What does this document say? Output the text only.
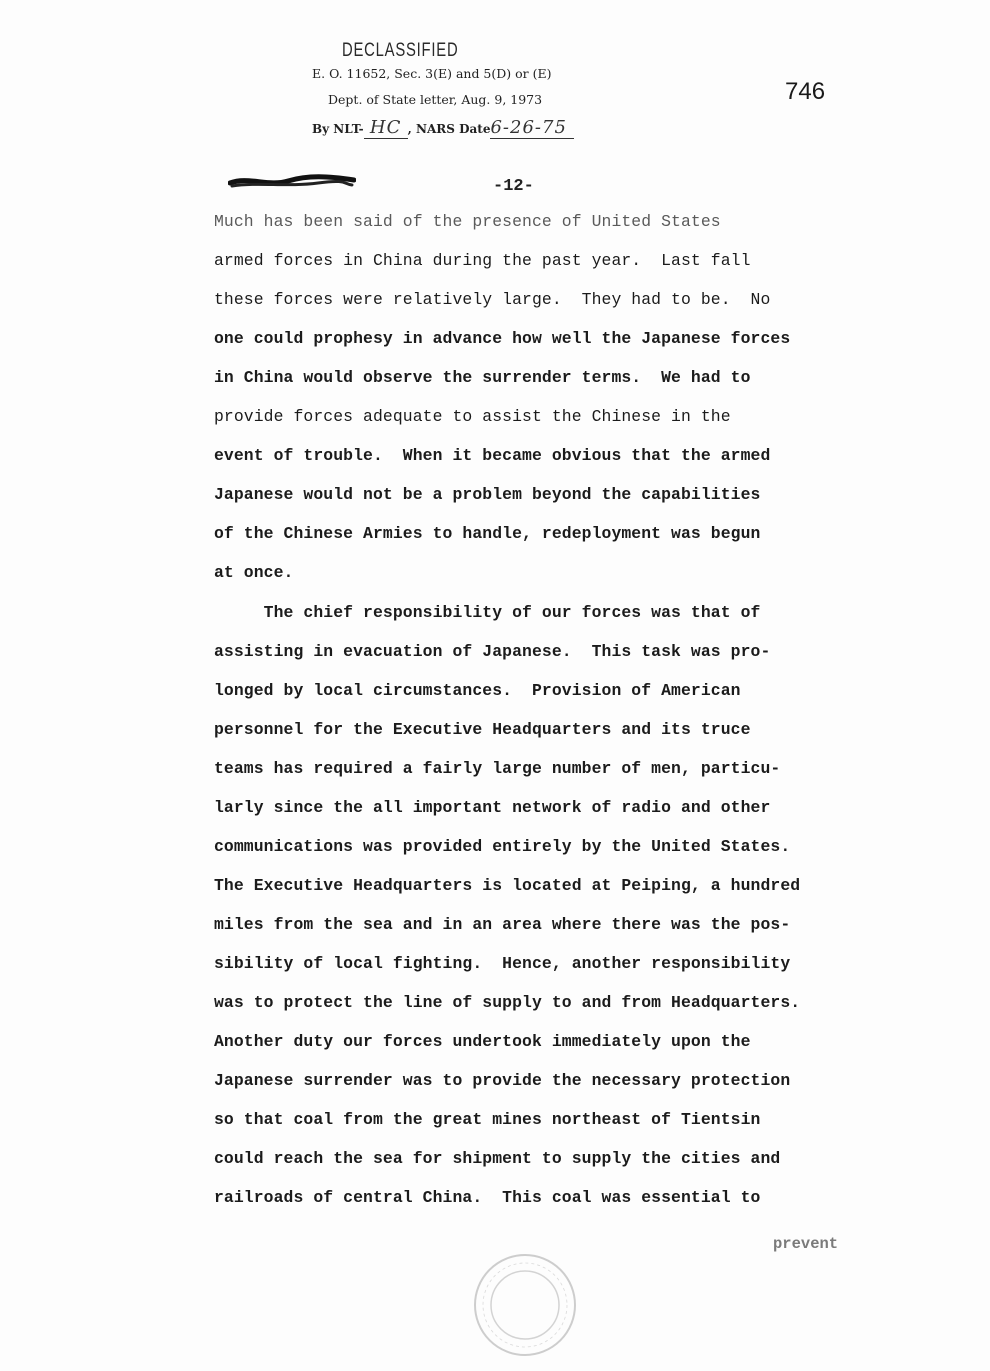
DECLASSIFIED
E. O. 11652, Sec. 3(E) and 5(D) or (E)
Dept. of State letter, Aug. 9, 1973
By NLT- HC , NARS Date6-26-75
746
-12-
Much has been said of the presence of United States
armed forces in China during the past year.  Last fall
these forces were relatively large.  They had to be.  No
one could prophesy in advance how well the Japanese forces
in China would observe the surrender terms.  We had to
provide forces adequate to assist the Chinese in the
event of trouble.  When it became obvious that the armed
Japanese would not be a problem beyond the capabilities
of the Chinese Armies to handle, redeployment was begun
at once.
The chief responsibility of our forces was that of
assisting in evacuation of Japanese.  This task was pro-
longed by local circumstances.  Provision of American
personnel for the Executive Headquarters and its truce
teams has required a fairly large number of men, particu-
larly since the all important network of radio and other
communications was provided entirely by the United States.
The Executive Headquarters is located at Peiping, a hundred
miles from the sea and in an area where there was the pos-
sibility of local fighting.  Hence, another responsibility
was to protect the line of supply to and from Headquarters.
Another duty our forces undertook immediately upon the
Japanese surrender was to provide the necessary protection
so that coal from the great mines northeast of Tientsin
could reach the sea for shipment to supply the cities and
railroads of central China.  This coal was essential to
prevent
